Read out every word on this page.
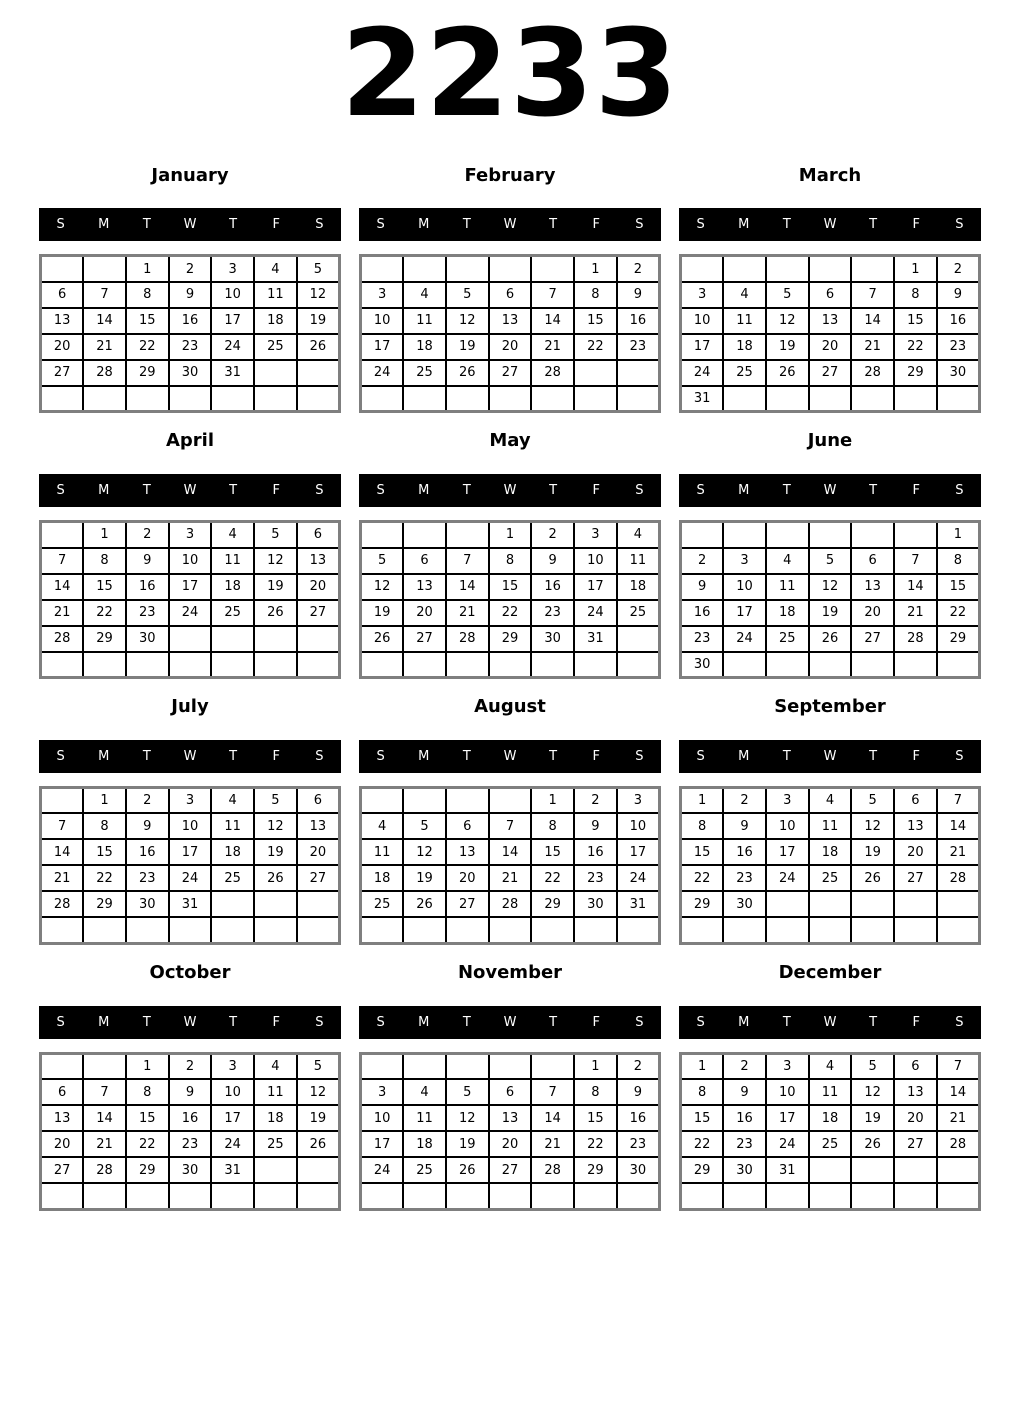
2233
January
S	M	T	W	T	F	S
		1	2	3	4	5
6	7	8	9	10	11	12
13	14	15	16	17	18	19
20	21	22	23	24	25	26
27	28	29	30	31		

February
S	M	T	W	T	F	S
					1	2
3	4	5	6	7	8	9
10	11	12	13	14	15	16
17	18	19	20	21	22	23
24	25	26	27	28		

March
S	M	T	W	T	F	S
					1	2
3	4	5	6	7	8	9
10	11	12	13	14	15	16
17	18	19	20	21	22	23
24	25	26	27	28	29	30
31						
April
S	M	T	W	T	F	S
	1	2	3	4	5	6
7	8	9	10	11	12	13
14	15	16	17	18	19	20
21	22	23	24	25	26	27
28	29	30				

May
S	M	T	W	T	F	S
			1	2	3	4
5	6	7	8	9	10	11
12	13	14	15	16	17	18
19	20	21	22	23	24	25
26	27	28	29	30	31	

June
S	M	T	W	T	F	S
						1
2	3	4	5	6	7	8
9	10	11	12	13	14	15
16	17	18	19	20	21	22
23	24	25	26	27	28	29
30						
July
S	M	T	W	T	F	S
	1	2	3	4	5	6
7	8	9	10	11	12	13
14	15	16	17	18	19	20
21	22	23	24	25	26	27
28	29	30	31			

August
S	M	T	W	T	F	S
				1	2	3
4	5	6	7	8	9	10
11	12	13	14	15	16	17
18	19	20	21	22	23	24
25	26	27	28	29	30	31

September
S	M	T	W	T	F	S
1	2	3	4	5	6	7
8	9	10	11	12	13	14
15	16	17	18	19	20	21
22	23	24	25	26	27	28
29	30					

October
S	M	T	W	T	F	S
		1	2	3	4	5
6	7	8	9	10	11	12
13	14	15	16	17	18	19
20	21	22	23	24	25	26
27	28	29	30	31		

November
S	M	T	W	T	F	S
					1	2
3	4	5	6	7	8	9
10	11	12	13	14	15	16
17	18	19	20	21	22	23
24	25	26	27	28	29	30

December
S	M	T	W	T	F	S
1	2	3	4	5	6	7
8	9	10	11	12	13	14
15	16	17	18	19	20	21
22	23	24	25	26	27	28
29	30	31				
